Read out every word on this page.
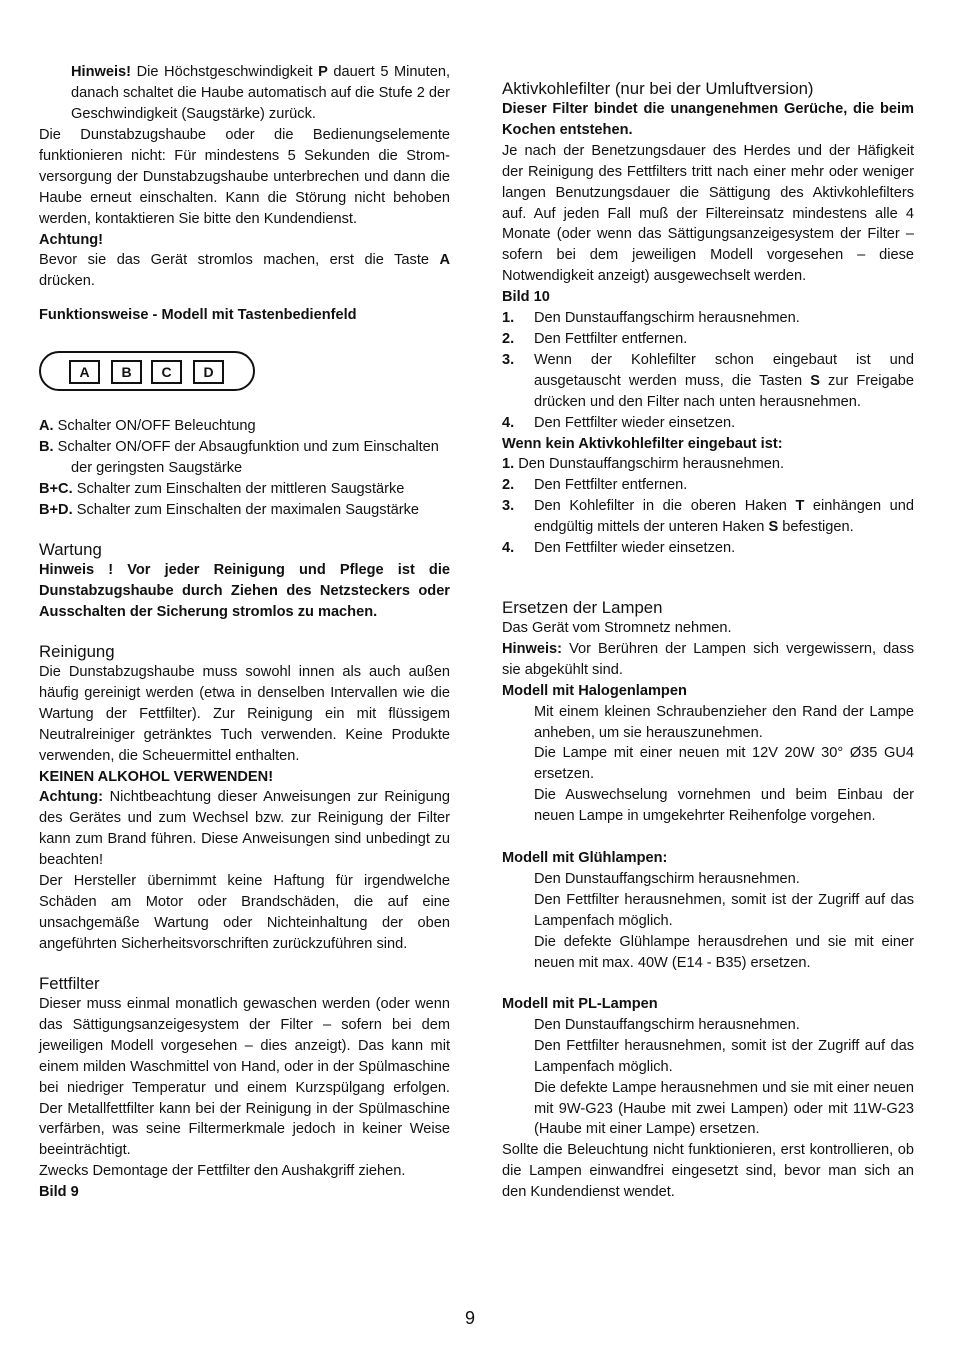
Hinweis! Die Höchstgeschwindigkeit P dauert 5 Minuten, danach schaltet die Haube automatisch auf die Stufe 2 der Geschwindigkeit (Saugstärke) zurück.

Die Dunstabzugshaube oder die Bedienungselemente funktionieren nicht: Für mindestens 5 Sekunden die Strom-versorgung der Dunstabzugshaube unterbrechen und dann die Haube erneut einschalten. Kann die Störung nicht behoben werden, kontaktieren Sie bitte den Kundendienst.

Achtung!

Bevor sie das Gerät stromlos machen, erst die Taste A drücken.

Funktionsweise - Modell mit Tastenbedienfeld

A. Schalter ON/OFF Beleuchtung
B. Schalter ON/OFF der Absaugfunktion und zum Einschalten der geringsten Saugstärke
B+C. Schalter zum Einschalten der mittleren Saugstärke
B+D. Schalter zum Einschalten der maximalen Saugstärke

Wartung

Hinweis ! Vor jeder Reinigung und Pflege ist die Dunstabzugshaube durch Ziehen des Netzsteckers oder Ausschalten der Sicherung stromlos zu machen.

Reinigung

Die Dunstabzugshaube muss sowohl innen als auch außen häufig gereinigt werden (etwa in denselben Intervallen wie die Wartung der Fettfilter). Zur Reinigung ein mit flüssigem Neutralreiniger getränktes Tuch verwenden. Keine Produkte verwenden, die Scheuermittel enthalten.

KEINEN ALKOHOL VERWENDEN!

Achtung: Nichtbeachtung dieser Anweisungen zur Reinigung des Gerätes und zum Wechsel bzw. zur Reinigung der Filter kann zum Brand führen. Diese Anweisungen sind unbedingt zu beachten!

Der Hersteller übernimmt keine Haftung für irgendwelche Schäden am Motor oder Brandschäden, die auf eine unsachgemäße Wartung oder Nichteinhaltung der oben angeführten Sicherheitsvorschriften zurückzuführen sind.

Fettfilter

Dieser muss einmal monatlich gewaschen werden (oder wenn das Sättigungsanzeigesystem der Filter – sofern bei dem jeweiligen Modell vorgesehen – dies anzeigt). Das kann mit einem milden Waschmittel von Hand, oder in der Spülmaschine bei niedriger Temperatur und einem Kurzspülgang erfolgen. Der Metallfettfilter kann bei der Reinigung in der Spülmaschine verfärben, was seine Filtermerkmale jedoch in keiner Weise beeinträchtigt.

Zwecks Demontage der Fettfilter den Aushakgriff ziehen.

Bild 9

A	B	C	D

Aktivkohlefilter (nur bei der Umluftversion)

Dieser Filter bindet die unangenehmen Gerüche, die beim Kochen entstehen.

Je nach der Benetzungsdauer des Herdes und der Häfigkeit der Reinigung des Fettfilters tritt nach einer mehr oder weniger langen Benutzungsdauer die Sättigung des Aktivkohlefilters auf. Auf jeden Fall muß der Filtereinsatz mindestens alle 4 Monate (oder wenn das Sättigungsanzeigesystem der Filter – sofern bei dem jeweiligen Modell vorgesehen – diese Notwendigkeit anzeigt) ausgewechselt werden.

Bild 10

1. Den Dunstauffangschirm herausnehmen.
2. Den Fettfilter entfernen.
3. Wenn der Kohlefilter schon eingebaut ist und ausgetauscht werden muss, die Tasten S zur Freigabe drücken und den Filter nach unten herausnehmen.
4. Den Fettfilter wieder einsetzen.

Wenn kein Aktivkohlefilter eingebaut ist:

1. Den Dunstauffangschirm herausnehmen.
2. Den Fettfilter entfernen.
3. Den Kohlefilter in die oberen Haken T einhängen und endgültig mittels der unteren Haken S befestigen.
4. Den Fettfilter wieder einsetzen.

Ersetzen der Lampen

Das Gerät vom Stromnetz nehmen.

Hinweis: Vor Berühren der Lampen sich vergewissern, dass sie abgekühlt sind.

Modell mit Halogenlampen

Mit einem kleinen Schraubenzieher den Rand der Lampe anheben, um sie herauszunehmen.

Die Lampe mit einer neuen mit 12V 20W 30° Ø35 GU4 ersetzen.

Die Auswechselung vornehmen und beim Einbau der neuen Lampe in umgekehrter Reihenfolge vorgehen.

Modell mit Glühlampen:

Den Dunstauffangschirm herausnehmen.

Den Fettfilter herausnehmen, somit ist der Zugriff auf das Lampenfach möglich.

Die defekte Glühlampe herausdrehen und sie mit einer neuen mit max. 40W (E14 - B35) ersetzen.

Modell mit PL-Lampen

Den Dunstauffangschirm herausnehmen.

Den Fettfilter herausnehmen, somit ist der Zugriff auf das Lampenfach möglich.

Die defekte Lampe herausnehmen und sie mit einer neuen mit 9W-G23 (Haube mit zwei Lampen) oder mit 11W-G23 (Haube mit einer Lampe) ersetzen.

Sollte die Beleuchtung nicht funktionieren, erst kontrollieren, ob die Lampen einwandfrei eingesetzt sind, bevor man sich an den Kundendienst wendet.

9
